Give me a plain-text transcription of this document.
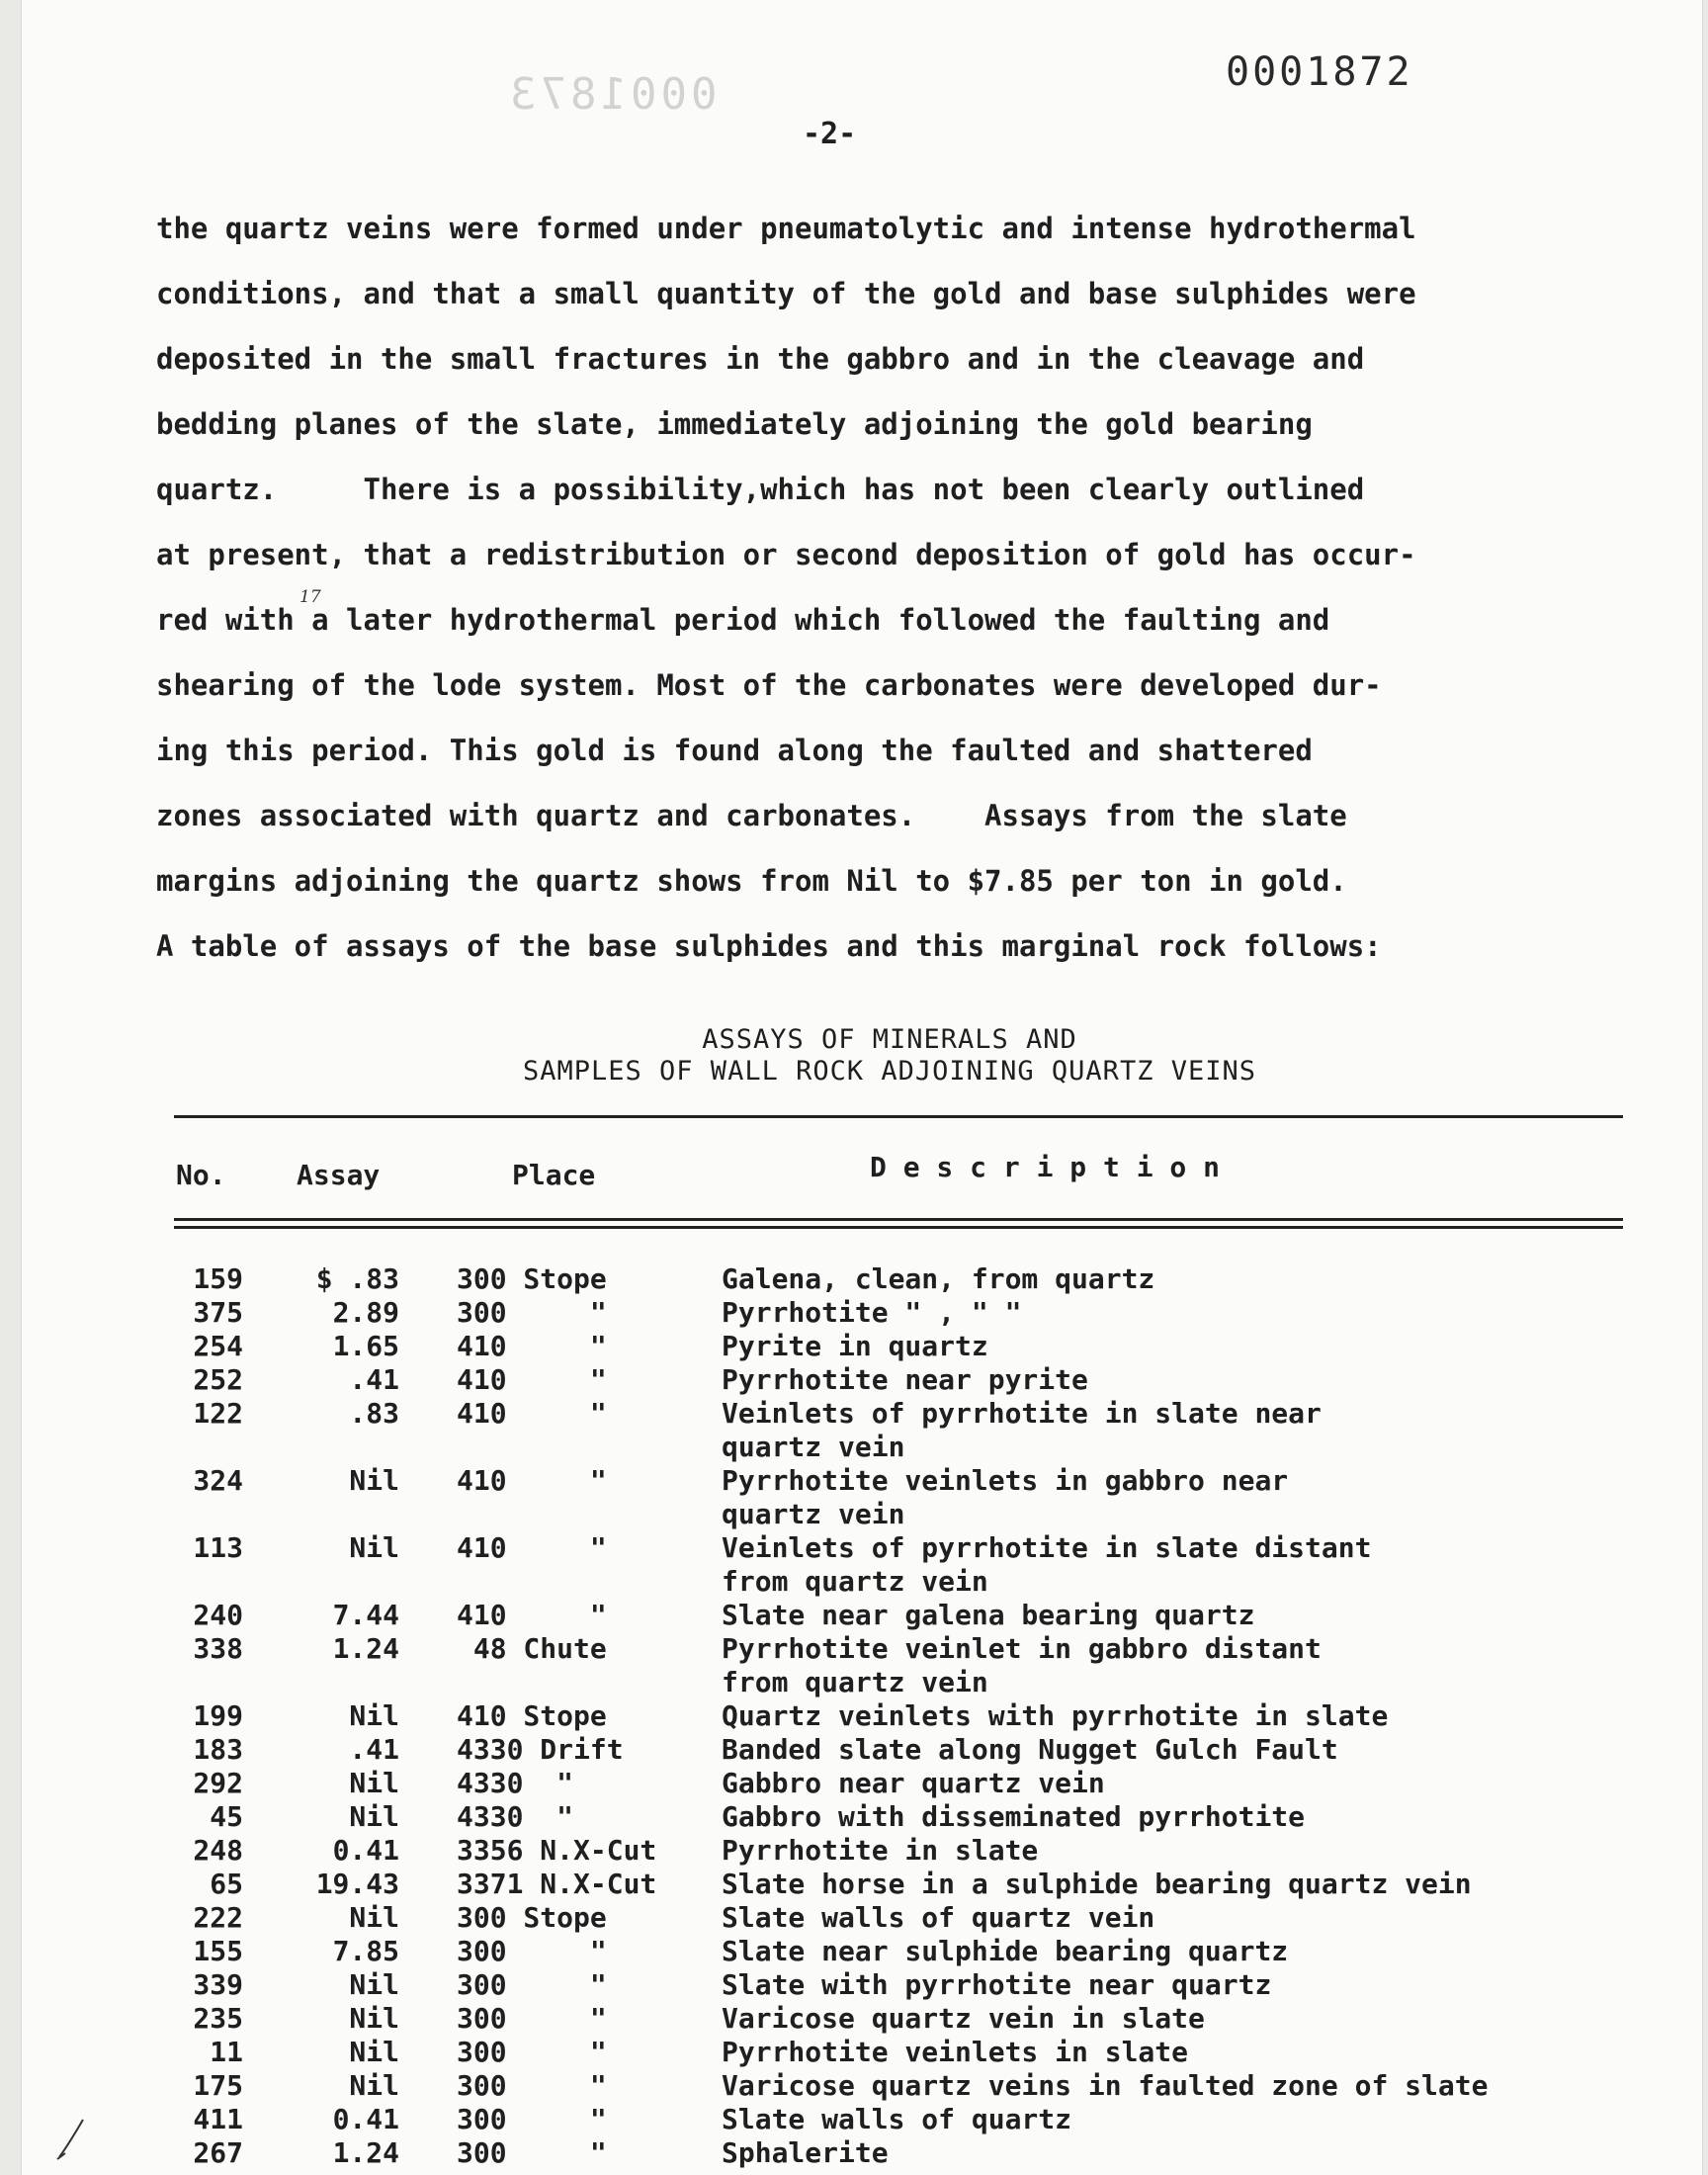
0001873	0001872
-2-
the quartz veins were formed under pneumatolytic and intense hydrothermal
conditions, and that a small quantity of the gold and base sulphides were
deposited in the small fractures in the gabbro and in the cleavage and
bedding planes of the slate, immediately adjoining the gold bearing
quartz.     There is a possibility,which has not been clearly outlined
at present, that a redistribution or second deposition of gold has occur-
red with a later hydrothermal period which followed the faulting and
shearing of the lode system. Most of the carbonates were developed dur-
ing this period. This gold is found along the faulted and shattered
zones associated with quartz and carbonates.    Assays from the slate
margins adjoining the quartz shows from Nil to $7.85 per ton in gold.
A table of assays of the base sulphides and this marginal rock follows:
17
ASSAYS OF MINERALS AND
SAMPLES OF WALL ROCK ADJOINING QUARTZ VEINS
No.	Assay	Place	D e s c r i p t i o n
159	$ .83	300 Stope	Galena, clean, from quartz
375	2.89	300     "	Pyrrhotite " , " "
254	1.65	410     "	Pyrite in quartz
252	.41	410     "	Pyrrhotite near pyrite
122	.83	410     "	Veinlets of pyrrhotite in slate near
quartz vein
324	Nil	410     "	Pyrrhotite veinlets in gabbro near
quartz vein
113	Nil	410     "	Veinlets of pyrrhotite in slate distant
from quartz vein
240	7.44	410     "	Slate near galena bearing quartz
338	1.24	48 Chute	Pyrrhotite veinlet in gabbro distant
from quartz vein
199	Nil	410 Stope	Quartz veinlets with pyrrhotite in slate
183	.41	4330 Drift	Banded slate along Nugget Gulch Fault
292	Nil	4330  "	Gabbro near quartz vein
45	Nil	4330  "	Gabbro with disseminated pyrrhotite
248	0.41	3356 N.X-Cut	Pyrrhotite in slate
65	19.43	3371 N.X-Cut	Slate horse in a sulphide bearing quartz vein
222	Nil	300 Stope	Slate walls of quartz vein
155	7.85	300     "	Slate near sulphide bearing quartz
339	Nil	300     "	Slate with pyrrhotite near quartz
235	Nil	300     "	Varicose quartz vein in slate
11	Nil	300     "	Pyrrhotite veinlets in slate
175	Nil	300     "	Varicose quartz veins in faulted zone of slate
411	0.41	300     "	Slate walls of quartz
267	1.24	300     "	Sphalerite
